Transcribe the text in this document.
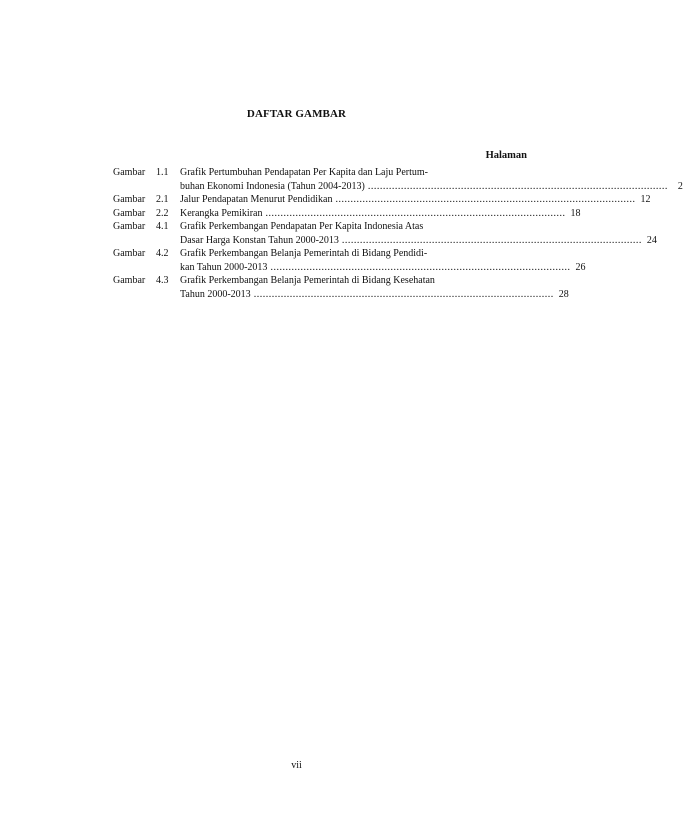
DAFTAR GAMBAR
Halaman
Gambar	1.1	Grafik Pertumbuhan Pendapatan Per Kapita dan Laju Pertum-
buhan Ekonomi Indonesia (Tahun 2004-2013) ....................................................................................................	2
Gambar	2.1	Jalur Pendapatan Menurut Pendidikan .................................................................................................... 12
Gambar	2.2	Kerangka Pemikiran .................................................................................................... 18
Gambar	4.1	Grafik Perkembangan Pendapatan Per Kapita Indonesia Atas
Dasar Harga Konstan Tahun 2000-2013 .................................................................................................... 24
Gambar	4.2	Grafik Perkembangan Belanja Pemerintah di Bidang Pendidi-
kan Tahun 2000-2013 .................................................................................................... 26
Gambar	4.3	Grafik Perkembangan Belanja Pemerintah di Bidang Kesehatan
Tahun 2000-2013 .................................................................................................... 28
vii
